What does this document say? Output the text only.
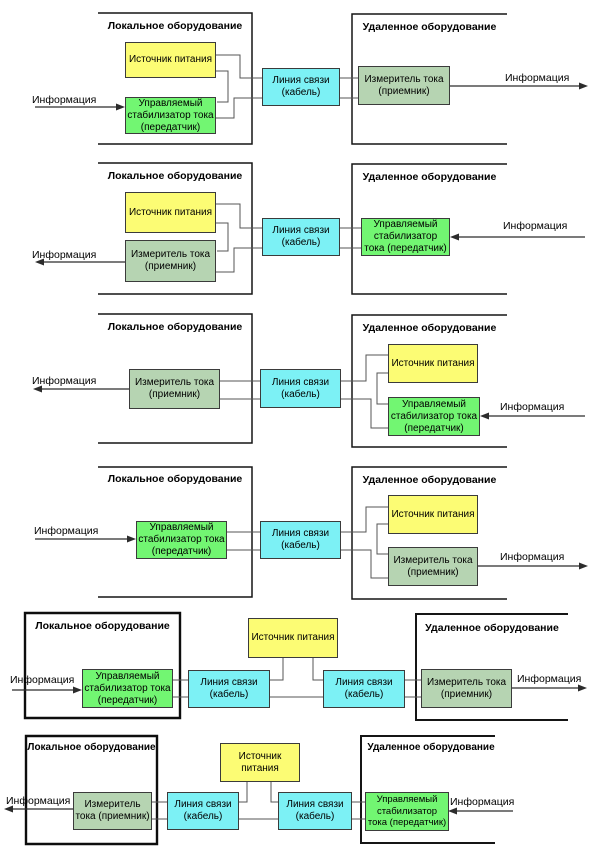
Локальное оборудование	Удаленное оборудование
Источник питания
Управляемый стабилизатор тока (передатчик)
Линия связи (кабель)
Измеритель тока (приемник)
Информация
Информация
Локальное оборудование	Удаленное оборудование
Источник питания
Измеритель тока (приемник)
Линия связи (кабель)
Управляемый стабилизатор тока (передатчик)
Информация
Информация
Локальное оборудование	Удаленное оборудование
Измеритель тока (приемник)
Линия связи (кабель)
Источник питания
Управляемый стабилизатор тока (передатчик)
Информация
Информация
Локальное оборудование	Удаленное оборудование
Управляемый стабилизатор тока (передатчик)
Линия связи (кабель)
Источник питания
Измеритель тока (приемник)
Информация
Информация
Локальное оборудование	Удаленное оборудование
Управляемый стабилизатор тока (передатчик)
Линия связи (кабель)
Источник питания
Линия связи (кабель)
Измеритель тока (приемник)
Информация	Информация
Локальное оборудование	Удаленное оборудование
Измеритель тока (приемник)
Линия связи (кабель)
Источник питания
Линия связи (кабель)
Управляемый стабилизатор тока (передатчик)
Информация	Информация
